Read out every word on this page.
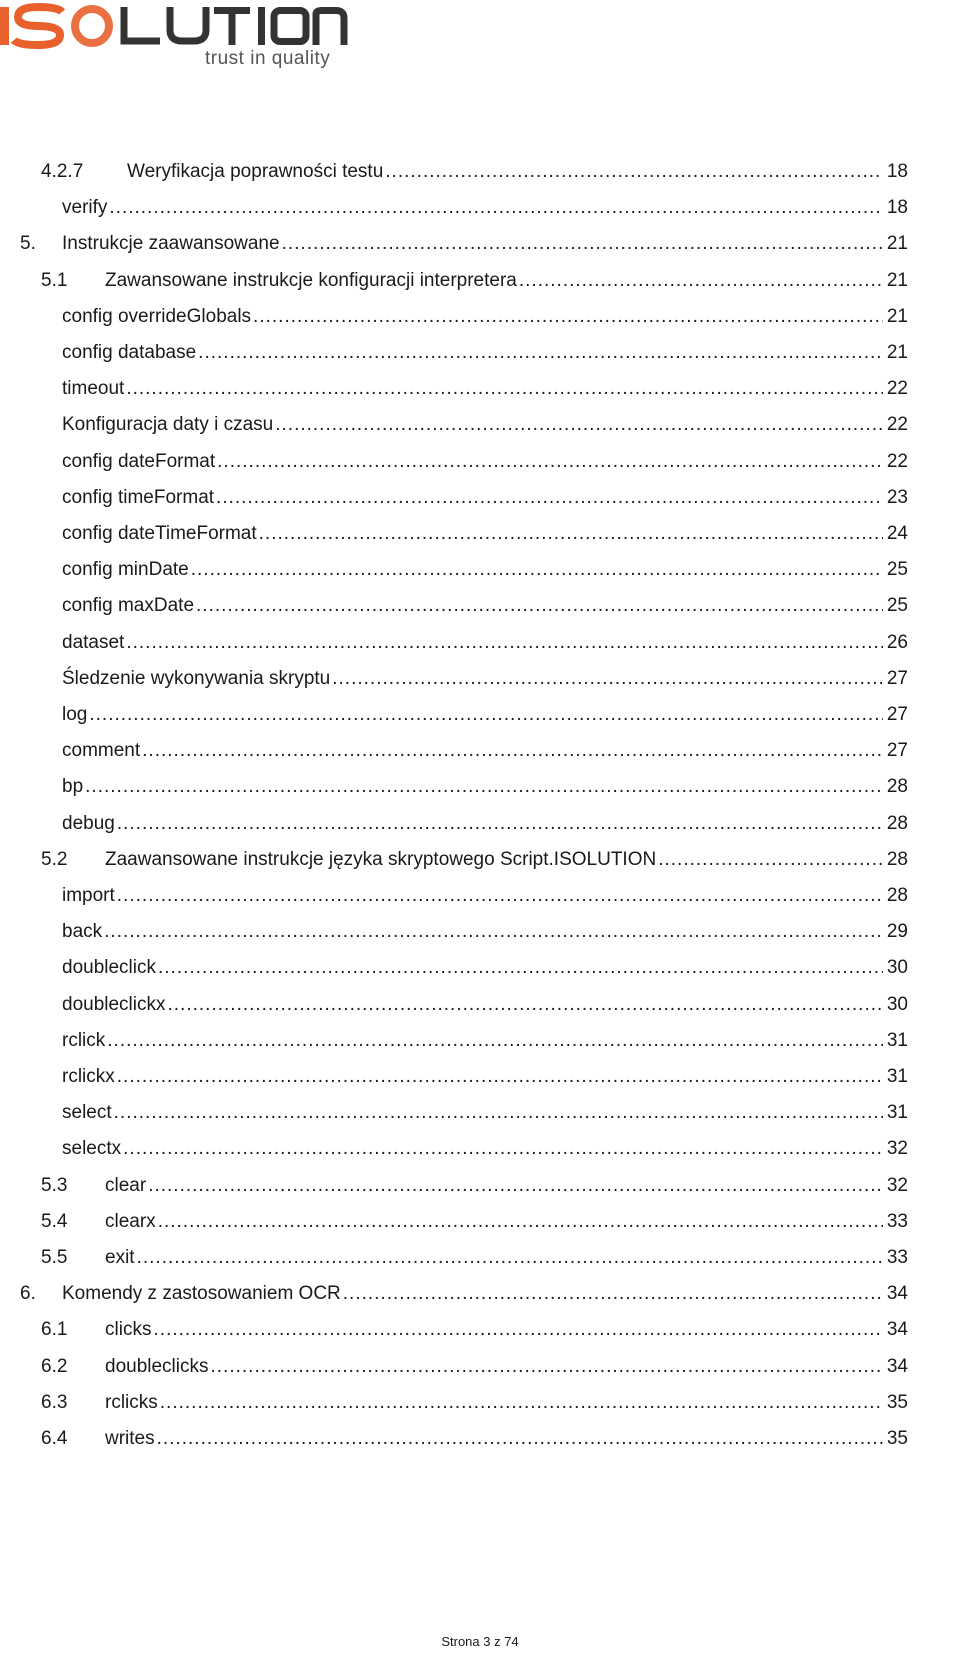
trust in quality
4.2.7 Weryfikacja poprawności testu .....	18
verify .....	18
5. Instrukcje zaawansowane .....	21
5.1 Zawansowane instrukcje konfiguracji interpretera .....	21
config overrideGlobals .....	21
config database .....	21
timeout .....	22
Konfiguracja daty i czasu .....	22
config dateFormat .....	22
config timeFormat .....	23
config dateTimeFormat .....	24
config minDate .....	25
config maxDate .....	25
dataset .....	26
Śledzenie wykonywania skryptu .....	27
log .....	27
comment .....	27
bp .....	28
debug .....	28
5.2 Zaawansowane instrukcje języka skryptowego Script.ISOLUTION .....	28
import .....	28
back .....	29
doubleclick .....	30
doubleclickx .....	30
rclick .....	31
rclickx .....	31
select .....	31
selectx .....	32
5.3 clear .....	32
5.4 clearx .....	33
5.5 exit .....	33
6. Komendy z zastosowaniem OCR .....	34
6.1 clicks .....	34
6.2 doubleclicks .....	34
6.3 rclicks .....	35
6.4 writes .....	35
Strona 3 z 74
